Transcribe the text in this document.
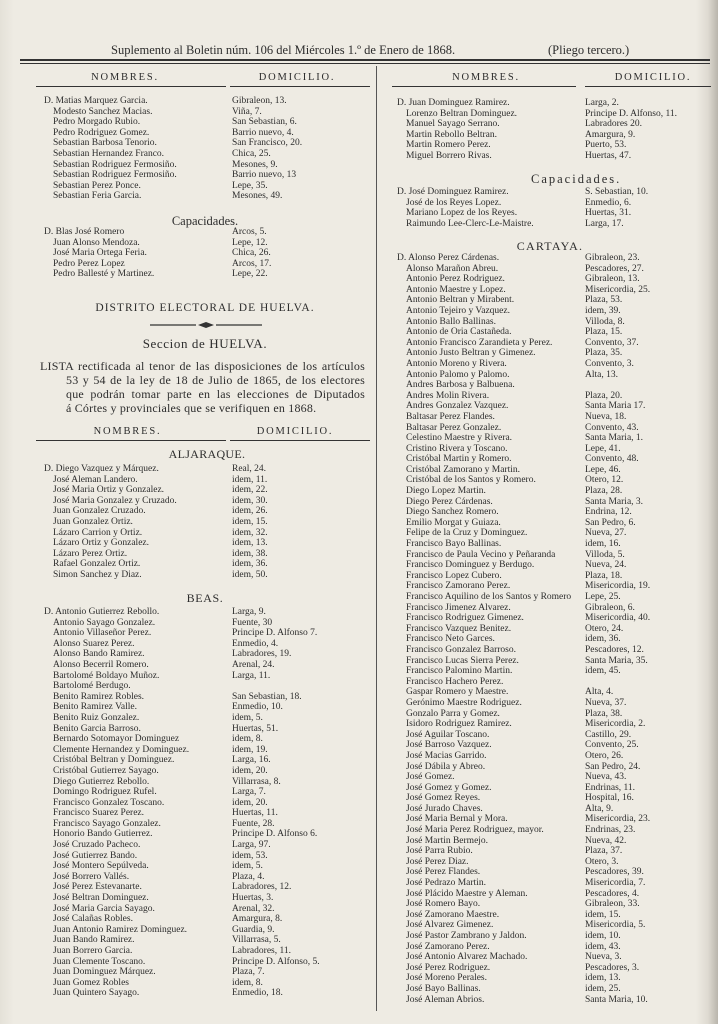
Suplemento al Boletin núm. 106 del Miércoles 1.º de Enero de 1868.	(Pliego tercero.)
NOMBRES.	DOMICILIO.
D. Matias Marquez Garcia.	Gibraleon, 13.
Modesto Sanchez Macias.	Viña, 7.
Pedro Morgado Rubio.	San Sebastian, 6.
Pedro Rodriguez Gomez.	Barrio nuevo, 4.
Sebastian Barbosa Tenorio.	San Francisco, 20.
Sebastian Hernandez Franco.	Chica, 25.
Sebastian Rodriguez Fermosiño.	Mesones, 9.
Sebastian Rodriguez Fermosiño.	Barrio nuevo, 13
Sebastian Perez Ponce.	Lepe, 35.
Sebastian Feria Garcia.	Mesones, 49.
Capacidades.
D. Blas José Romero	Arcos, 5.
Juan Alonso Mendoza.	Lepe, 12.
José Maria Ortega Feria.	Chica, 26.
Pedro Perez Lopez	Arcos, 17.
Pedro Ballesté y Martinez.	Lepe, 22.
DISTRITO ELECTORAL DE HUELVA.
Seccion de HUELVA.
LISTA rectificada al tenor de las disposiciones de los artículos
53 y 54 de la ley de 18 de Julio de 1865, de los electores
que podrán tomar parte en las elecciones de Diputados
á Córtes y provinciales que se verifiquen en 1868.
NOMBRES.	DOMICILIO.
ALJARAQUE.
D. Diego Vazquez y Márquez.	Real, 24.
José Aleman Landero.	idem, 11.
José Maria Ortiz y Gonzalez.	idem, 22.
José Maria Gonzalez y Cruzado.	idem, 30.
Juan Gonzalez Cruzado.	idem, 26.
Juan Gonzalez Ortiz.	idem, 15.
Lázaro Carrion y Ortiz.	idem, 32.
Lázaro Ortiz y Gonzalez.	idem, 13.
Lázaro Perez Ortiz.	idem, 38.
Rafael Gonzalez Ortiz.	idem, 36.
Simon Sanchez y Diaz.	idem, 50.
BEAS.
D. Antonio Gutierrez Rebollo.	Larga, 9.
Antonio Sayago Gonzalez.	Fuente, 30
Antonio Villaseñor Perez.	Principe D. Alfonso 7.
Alonso Suarez Perez.	Enmedio, 4.
Alonso Bando Ramirez.	Labradores, 19.
Alonso Becerril Romero.	Arenal, 24.
Bartolomé Boldayo Muñoz.	Larga, 11.
Bartolomé Berdugo.
Benito Ramirez Robles.	San Sebastian, 18.
Benito Ramirez Valle.	Enmedio, 10.
Benito Ruiz Gonzalez.	idem, 5.
Benito Garcia Barroso.	Huertas, 51.
Bernardo Sotomayor Dominguez	idem, 8.
Clemente Hernandez y Dominguez.	idem, 19.
Cristóbal Beltran y Dominguez.	Larga, 16.
Cristóbal Gutierrez Sayago.	idem, 20.
Diego Gutierrez Rebollo.	Villarrasa, 8.
Domingo Rodriguez Rufel.	Larga, 7.
Francisco Gonzalez Toscano.	idem, 20.
Francisco Suarez Perez.	Huertas, 11.
Francisco Sayago Gonzalez.	Fuente, 28.
Honorio Bando Gutierrez.	Principe D. Alfonso 6.
José Cruzado Pacheco.	Larga, 97.
José Gutierrez Bando.	idem, 53.
José Montero Sepúlveda.	idem, 5.
José Borrero Vallés.	Plaza, 4.
José Perez Estevanarte.	Labradores, 12.
José Beltran Dominguez.	Huertas, 3.
José Maria Garcia Sayago.	Arenal, 32.
José Calañas Robles.	Amargura, 8.
Juan Antonio Ramirez Dominguez.	Guardia, 9.
Juan Bando Ramirez.	Villarrasa, 5.
Juan Borrero Garcia.	Labradores, 11.
Juan Clemente Toscano.	Principe D. Alfonso, 5.
Juan Dominguez Márquez.	Plaza, 7.
Juan Gomez Robles	idem, 8.
Juan Quintero Sayago.	Enmedio, 18.
NOMBRES.	DOMICILIO.
D. Juan Dominguez Ramirez.	Larga, 2.
Lorenzo Beltran Dominguez.	Principe D. Alfonso, 11.
Manuel Sayago Serrano.	Labradores 20.
Martin Rebollo Beltran.	Amargura, 9.
Martin Romero Perez.	Puerto, 53.
Miguel Borrero Rivas.	Huertas, 47.
Capacidades.
D. José Dominguez Ramirez.	S. Sebastian, 10.
José de los Reyes Lopez.	Enmedio, 6.
Mariano Lopez de los Reyes.	Huertas, 31.
Raimundo Lee-Clerc-Le-Maistre.	Larga, 17.
CARTAYA.
D. Alonso Perez Cárdenas.	Gibraleon, 23.
Alonso Marañon Abreu.	Pescadores, 27.
Antonio Perez Rodriguez.	Gibraleon, 13.
Antonio Maestre y Lopez.	Misericordia, 25.
Antonio Beltran y Mirabent.	Plaza, 53.
Antonio Tejeiro y Vazquez.	idem, 39.
Antonio Ballo Ballinas.	Villoda, 8.
Antonio de Oria Castañeda.	Plaza, 15.
Antonio Francisco Zarandieta y Perez.	Convento, 37.
Antonio Justo Beltran y Gimenez.	Plaza, 35.
Antonio Moreno y Rivera.	Convento, 3.
Antonio Palomo y Palomo.	Alta, 13.
Andres Barbosa y Balbuena.
Andres Molin Rivera.	Plaza, 20.
Andres Gonzalez Vazquez.	Santa Maria 17.
Baltasar Perez Flandes.	Nueva, 18.
Baltasar Perez Gonzalez.	Convento, 43.
Celestino Maestre y Rivera.	Santa Maria, 1.
Cristino Rivera y Toscano.	Lepe, 41.
Cristóbal Martin y Romero.	Convento, 48.
Cristóbal Zamorano y Martin.	Lepe, 46.
Cristóbal de los Santos y Romero.	Otero, 12.
Diego Lopez Martin.	Plaza, 28.
Diego Perez Cárdenas.	Santa Maria, 3.
Diego Sanchez Romero.	Endrina, 12.
Emilio Morgat y Guiaza.	San Pedro, 6.
Felipe de la Cruz y Dominguez.	Nueva, 27.
Francisco Bayo Ballinas.	idem, 16.
Francisco de Paula Vecino y Peñaranda	Villoda, 5.
Francisco Dominguez y Berdugo.	Nueva, 24.
Francisco Lopez Cubero.	Plaza, 18.
Francisco Zamorano Perez.	Misericordia, 19.
Francisco Aquilino de los Santos y Romero Lepe, 25.
Francisco Jimenez Alvarez.	Gibraleon, 6.
Francisco Rodriguez Gimenez.	Misericordia, 40.
Francisco Vazquez Benitez.	Otero, 24.
Francisco Neto Garces.	idem, 36.
Francisco Gonzalez Barroso.	Pescadores, 12.
Francisco Lucas Sierra Perez.	Santa Maria, 35.
Francisco Palomino Martin.	idem, 45.
Francisco Hachero Perez.
Gaspar Romero y Maestre.	Alta, 4.
Gerónimo Maestre Rodriguez.	Nueva, 37.
Gonzalo Parra y Gomez.	Plaza, 38.
Isidoro Rodriguez Ramirez.	Misericordia, 2.
José Aguilar Toscano.	Castillo, 29.
José Barroso Vazquez.	Convento, 25.
José Macias Garrido.	Otero, 26.
José Dábila y Abreo.	San Pedro, 24.
José Gomez.	Nueva, 43.
José Gomez y Gomez.	Endrinas, 11.
José Gomez Reyes.	Hospital, 16.
José Jurado Chaves.	Alta, 9.
José Maria Bernal y Mora.	Misericordia, 23.
José Maria Perez Rodriguez, mayor.	Endrinas, 23.
José Martin Bermejo.	Nueva, 42.
José Parra Rubio.	Plaza, 37.
José Perez Diaz.	Otero, 3.
José Perez Flandes.	Pescadores, 39.
José Pedrazo Martin.	Misericordia, 7.
José Plácido Maestre y Aleman.	Pescadores, 4.
José Romero Bayo.	Gibraleon, 33.
José Zamorano Maestre.	idem, 15.
José Alvarez Gimenez.	Misericordia, 5.
José Pastor Zambrano y Jaldon.	idem, 10.
José Zamorano Perez.	idem, 43.
José Antonio Alvarez Machado.	Nueva, 3.
José Perez Rodriguez.	Pescadores, 3.
José Moreno Perales.	idem, 13.
José Bayo Ballinas.	idem, 25.
José Aleman Abrios.	Santa Maria, 10.
